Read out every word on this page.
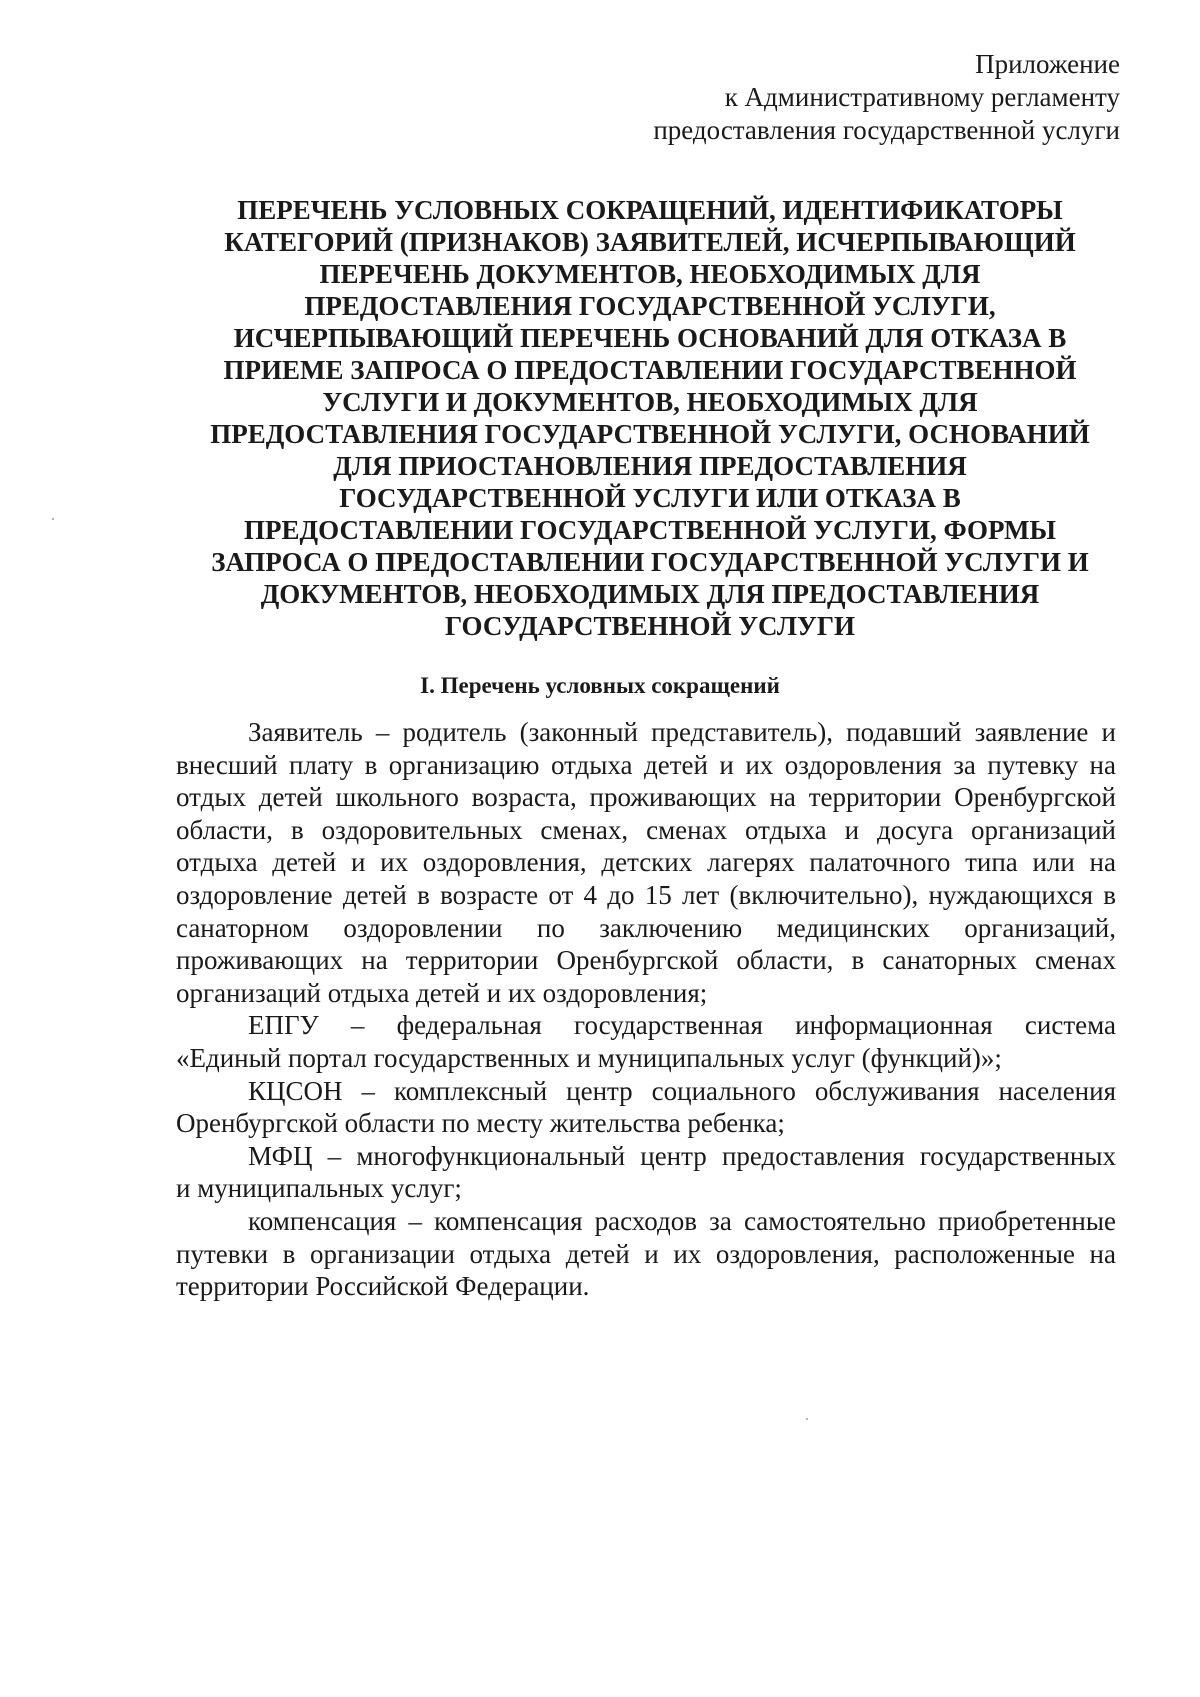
Приложение
к Административному регламенту
предоставления государственной услуги
ПЕРЕЧЕНЬ УСЛОВНЫХ СОКРАЩЕНИЙ, ИДЕНТИФИКАТОРЫ
КАТЕГОРИЙ (ПРИЗНАКОВ) ЗАЯВИТЕЛЕЙ, ИСЧЕРПЫВАЮЩИЙ
ПЕРЕЧЕНЬ ДОКУМЕНТОВ, НЕОБХОДИМЫХ ДЛЯ
ПРЕДОСТАВЛЕНИЯ ГОСУДАРСТВЕННОЙ УСЛУГИ,
ИСЧЕРПЫВАЮЩИЙ ПЕРЕЧЕНЬ ОСНОВАНИЙ ДЛЯ ОТКАЗА В
ПРИЕМЕ ЗАПРОСА О ПРЕДОСТАВЛЕНИИ ГОСУДАРСТВЕННОЙ
УСЛУГИ И ДОКУМЕНТОВ, НЕОБХОДИМЫХ ДЛЯ
ПРЕДОСТАВЛЕНИЯ ГОСУДАРСТВЕННОЙ УСЛУГИ, ОСНОВАНИЙ
ДЛЯ ПРИОСТАНОВЛЕНИЯ ПРЕДОСТАВЛЕНИЯ
ГОСУДАРСТВЕННОЙ УСЛУГИ ИЛИ ОТКАЗА В
ПРЕДОСТАВЛЕНИИ ГОСУДАРСТВЕННОЙ УСЛУГИ, ФОРМЫ
ЗАПРОСА О ПРЕДОСТАВЛЕНИИ ГОСУДАРСТВЕННОЙ УСЛУГИ И
ДОКУМЕНТОВ, НЕОБХОДИМЫХ ДЛЯ ПРЕДОСТАВЛЕНИЯ
ГОСУДАРСТВЕННОЙ УСЛУГИ
I. Перечень условных сокращений
Заявитель – родитель (законный представитель), подавший заявление и
внесший плату в организацию отдыха детей и их оздоровления за путевку на
отдых детей школьного возраста, проживающих на территории Оренбургской
области, в оздоровительных сменах, сменах отдыха и досуга организаций
отдыха детей и их оздоровления, детских лагерях палаточного типа или на
оздоровление детей в возрасте от 4 до 15 лет (включительно), нуждающихся в
санаторном оздоровлении по заключению медицинских организаций,
проживающих на территории Оренбургской области, в санаторных сменах
организаций отдыха детей и их оздоровления;
ЕПГУ – федеральная государственная информационная система
«Единый портал государственных и муниципальных услуг (функций)»;
КЦСОН – комплексный центр социального обслуживания населения
Оренбургской области по месту жительства ребенка;
МФЦ – многофункциональный центр предоставления государственных
и муниципальных услуг;
компенсация – компенсация расходов за самостоятельно приобретенные
путевки в организации отдыха детей и их оздоровления, расположенные на
территории Российской Федерации.
